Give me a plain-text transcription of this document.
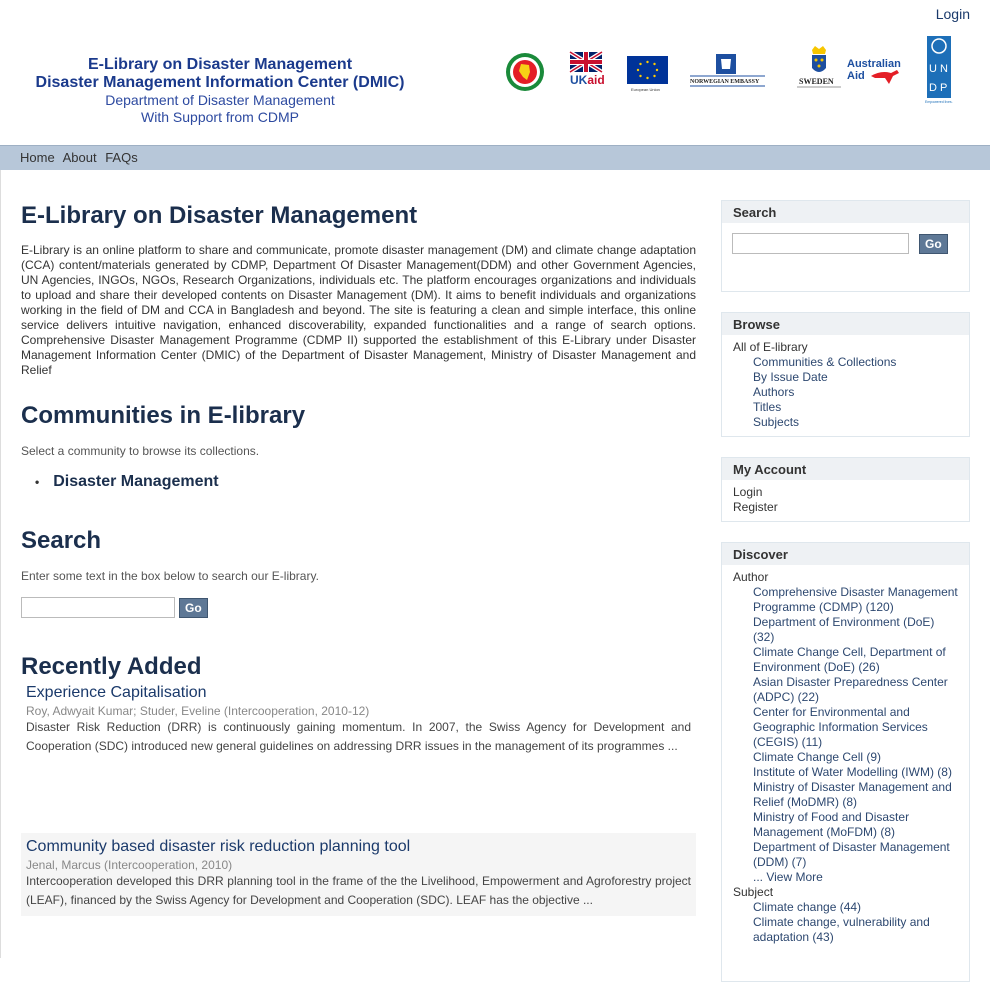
Login
E-Library on Disaster Management
Disaster Management Information Center (DMIC)
Department of Disaster Management
With Support from CDMP
UKaid
European Union
NORWEGIAN EMBASSY	SWEDEN
Australian
Aid
U N
D P
Empowered lives.
Home About FAQs
E-Library on Disaster Management

E-Library is an online platform to share and communicate, promote disaster management (DM) and climate change adaptation (CCA) content/materials generated by CDMP, Department Of Disaster Management(DDM) and other Government Agencies, UN Agencies, INGOs, NGOs, Research Organizations, individuals etc. The platform encourages organizations and individuals to upload and share their developed contents on Disaster Management (DM). It aims to benefit individuals and organizations working in the field of DM and CCA in Bangladesh and beyond. The site is featuring a clean and simple interface, this online service delivers intuitive navigation, enhanced discoverability, expanded functionalities and a range of search options. Comprehensive Disaster Management Programme (CDMP II) supported the establishment of this E-Library under Disaster Management Information Center (DMIC) of the Department of Disaster Management, Ministry of Disaster Management and Relief

Communities in E-library
Select a community to browse its collections.
• Disaster Management
Search
Enter some text in the box below to search our E-library.
Go
Recently Added
Experience Capitalisation
Roy, Adwyait Kumar; Studer, Eveline (Intercooperation, 2010-12)
Disaster Risk Reduction (DRR) is continuously gaining momentum. In 2007, the Swiss Agency for Development and Cooperation (SDC) introduced new general guidelines on addressing DRR issues in the management of its programmes ...
Community based disaster risk reduction planning tool
Jenal, Marcus (Intercooperation, 2010)
Intercooperation developed this DRR planning tool in the frame of the the Livelihood, Empowerment and Agroforestry project (LEAF), financed by the Swiss Agency for Development and Cooperation (SDC). LEAF has the objective ...
Search
Go
Browse
All of E-library
Communities & Collections
By Issue Date
Authors
Titles
Subjects
My Account
Login
Register
Discover
Author
Comprehensive Disaster Management Programme (CDMP) (120)
Department of Environment (DoE) (32)
Climate Change Cell, Department of Environment (DoE) (26)
Asian Disaster Preparedness Center (ADPC) (22)
Center for Environmental and Geographic Information Services (CEGIS) (11)
Climate Change Cell (9)
Institute of Water Modelling (IWM) (8)
Ministry of Disaster Management and Relief (MoDMR) (8)
Ministry of Food and Disaster Management (MoFDM) (8)
Department of Disaster Management (DDM) (7)
... View More
Subject
Climate change (44)
Climate change, vulnerability and adaptation (43)
